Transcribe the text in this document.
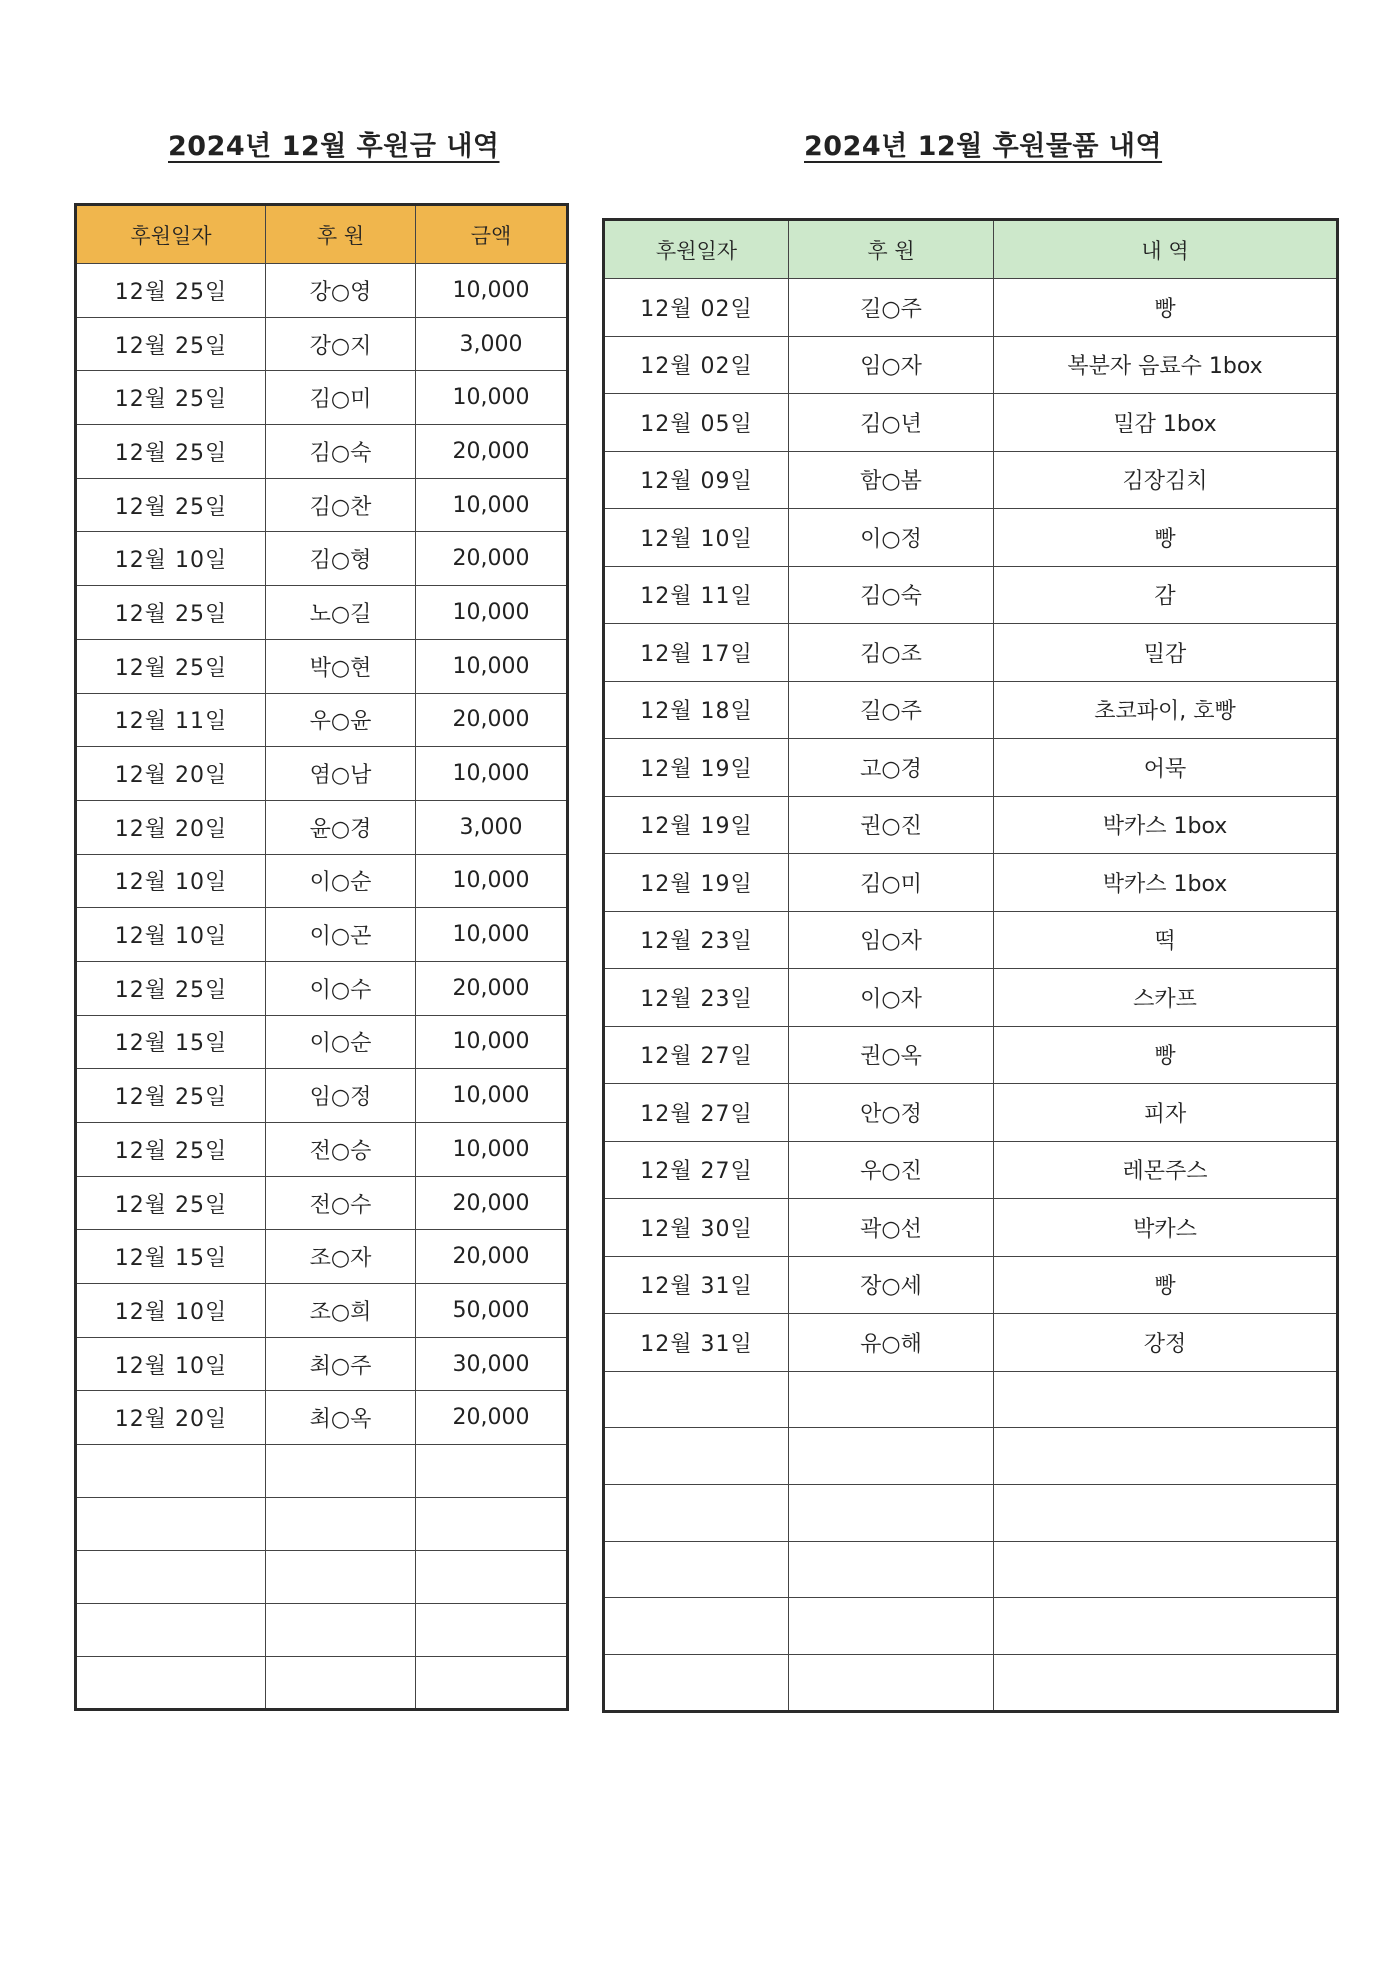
2024년 12월 후원금 내역	2024년 12월 후원물품 내역
후원일자	후 원	금액
12월 25일	강○영	10,000
12월 25일	강○지	3,000
12월 25일	김○미	10,000
12월 25일	김○숙	20,000
12월 25일	김○찬	10,000
12월 10일	김○형	20,000
12월 25일	노○길	10,000
12월 25일	박○현	10,000
12월 11일	우○윤	20,000
12월 20일	염○남	10,000
12월 20일	윤○경	3,000
12월 10일	이○순	10,000
12월 10일	이○곤	10,000
12월 25일	이○수	20,000
12월 15일	이○순	10,000
12월 25일	임○정	10,000
12월 25일	전○승	10,000
12월 25일	전○수	20,000
12월 15일	조○자	20,000
12월 10일	조○희	50,000
12월 10일	최○주	30,000
12월 20일	최○옥	20,000

후원일자	후 원	내 역
12월 02일	길○주	빵
12월 02일	임○자	복분자 음료수 1box
12월 05일	김○년	밀감 1box
12월 09일	함○봄	김장김치
12월 10일	이○정	빵
12월 11일	김○숙	감
12월 17일	김○조	밀감
12월 18일	길○주	초코파이, 호빵
12월 19일	고○경	어묵
12월 19일	권○진	박카스 1box
12월 19일	김○미	박카스 1box
12월 23일	임○자	떡
12월 23일	이○자	스카프
12월 27일	권○옥	빵
12월 27일	안○정	피자
12월 27일	우○진	레몬주스
12월 30일	곽○선	박카스
12월 31일	장○세	빵
12월 31일	유○해	강정
